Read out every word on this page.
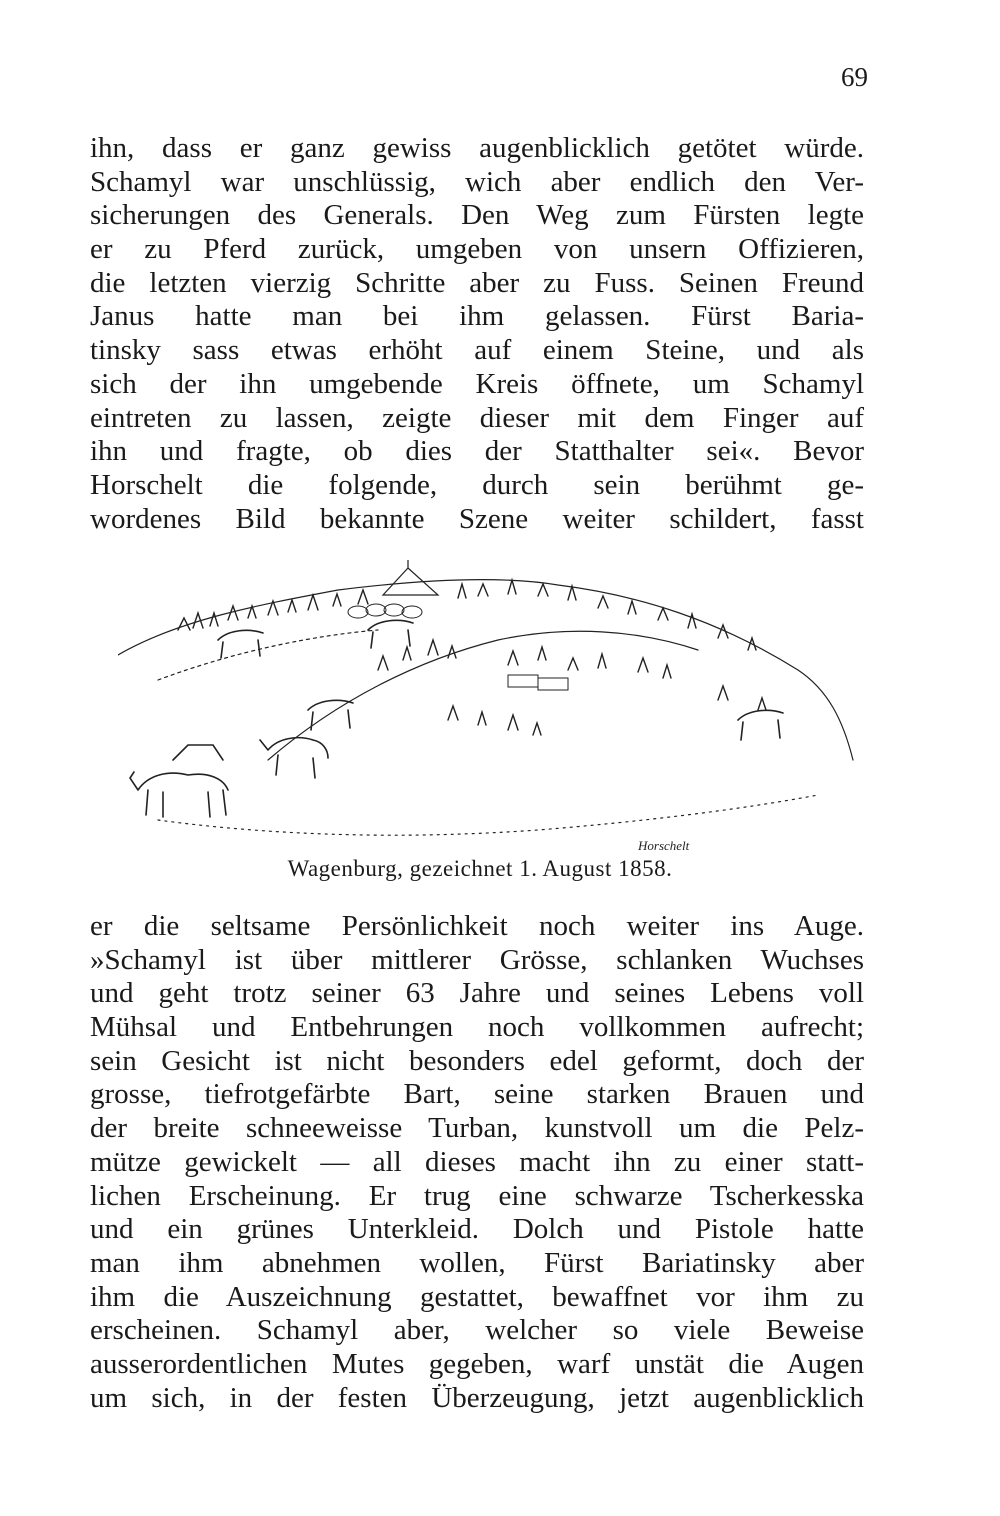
69
ihn, dass er ganz gewiss augenblicklich getötet würde.
Schamyl war unschlüssig, wich aber endlich den Ver-
sicherungen des Generals. Den Weg zum Fürsten legte
er zu Pferd zurück, umgeben von unsern Offizieren,
die letzten vierzig Schritte aber zu Fuss. Seinen Freund
Janus hatte man bei ihm gelassen. Fürst Baria-
tinsky sass etwas erhöht auf einem Steine, und als
sich der ihn umgebende Kreis öffnete, um Schamyl
eintreten zu lassen, zeigte dieser mit dem Finger auf
ihn und fragte, ob dies der Statthalter sei«. Bevor
Horschelt die folgende, durch sein berühmt ge-
wordenes Bild bekannte Szene weiter schildert, fasst
Horschelt
Wagenburg, gezeichnet 1. August 1858.
er die seltsame Persönlichkeit noch weiter ins Auge.
»Schamyl ist über mittlerer Grösse, schlanken Wuchses
und geht trotz seiner 63 Jahre und seines Lebens voll
Mühsal und Entbehrungen noch vollkommen aufrecht;
sein Gesicht ist nicht besonders edel geformt, doch der
grosse, tiefrotgefärbte Bart, seine starken Brauen und
der breite schneeweisse Turban, kunstvoll um die Pelz-
mütze gewickelt — all dieses macht ihn zu einer statt-
lichen Erscheinung. Er trug eine schwarze Tscherkesska
und ein grünes Unterkleid. Dolch und Pistole hatte
man ihm abnehmen wollen, Fürst Bariatinsky aber
ihm die Auszeichnung gestattet, bewaffnet vor ihm zu
erscheinen. Schamyl aber, welcher so viele Beweise
ausserordentlichen Mutes gegeben, warf unstät die Augen
um sich, in der festen Überzeugung, jetzt augenblicklich
